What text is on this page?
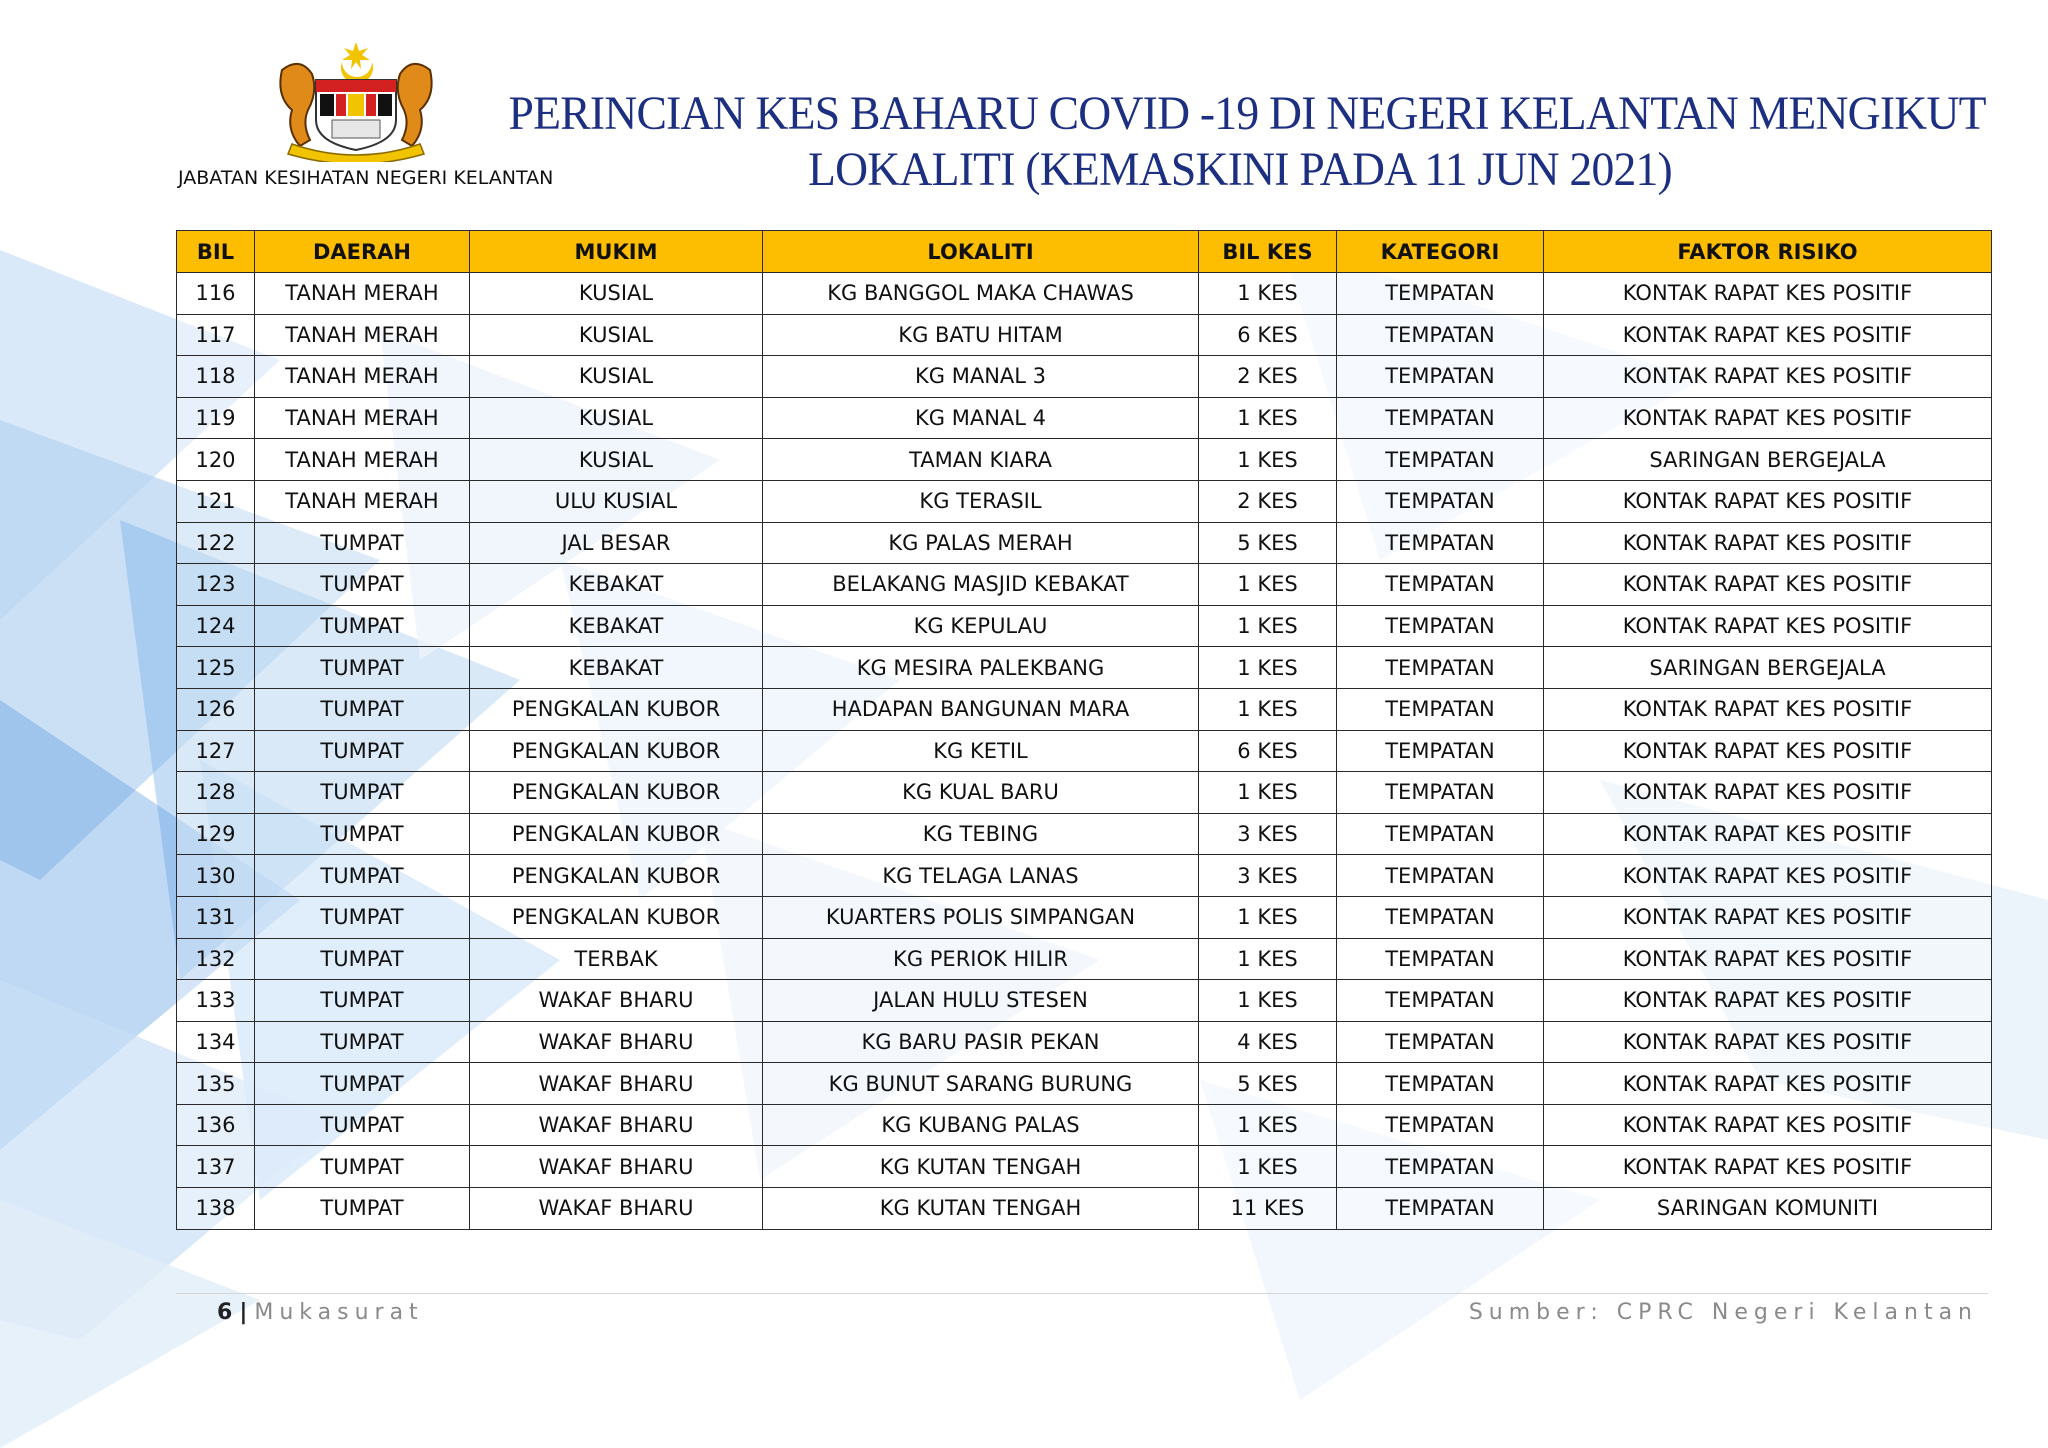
JABATAN KESIHATAN NEGERI KELANTAN
PERINCIAN KES BAHARU COVID -19 DI NEGERI KELANTAN MENGIKUT
LOKALITI (KEMASKINI PADA 11 JUN 2021)
BIL	DAERAH	MUKIM	LOKALITI	BIL KES	KATEGORI	FAKTOR RISIKO
116	TANAH MERAH	KUSIAL	KG BANGGOL MAKA CHAWAS	1 KES	TEMPATAN	KONTAK RAPAT KES POSITIF
117	TANAH MERAH	KUSIAL	KG BATU HITAM	6 KES	TEMPATAN	KONTAK RAPAT KES POSITIF
118	TANAH MERAH	KUSIAL	KG MANAL 3	2 KES	TEMPATAN	KONTAK RAPAT KES POSITIF
119	TANAH MERAH	KUSIAL	KG MANAL 4	1 KES	TEMPATAN	KONTAK RAPAT KES POSITIF
120	TANAH MERAH	KUSIAL	TAMAN KIARA	1 KES	TEMPATAN	SARINGAN BERGEJALA
121	TANAH MERAH	ULU KUSIAL	KG TERASIL	2 KES	TEMPATAN	KONTAK RAPAT KES POSITIF
122	TUMPAT	JAL BESAR	KG PALAS MERAH	5 KES	TEMPATAN	KONTAK RAPAT KES POSITIF
123	TUMPAT	KEBAKAT	BELAKANG MASJID KEBAKAT	1 KES	TEMPATAN	KONTAK RAPAT KES POSITIF
124	TUMPAT	KEBAKAT	KG KEPULAU	1 KES	TEMPATAN	KONTAK RAPAT KES POSITIF
125	TUMPAT	KEBAKAT	KG MESIRA PALEKBANG	1 KES	TEMPATAN	SARINGAN BERGEJALA
126	TUMPAT	PENGKALAN KUBOR	HADAPAN BANGUNAN MARA	1 KES	TEMPATAN	KONTAK RAPAT KES POSITIF
127	TUMPAT	PENGKALAN KUBOR	KG KETIL	6 KES	TEMPATAN	KONTAK RAPAT KES POSITIF
128	TUMPAT	PENGKALAN KUBOR	KG KUAL BARU	1 KES	TEMPATAN	KONTAK RAPAT KES POSITIF
129	TUMPAT	PENGKALAN KUBOR	KG TEBING	3 KES	TEMPATAN	KONTAK RAPAT KES POSITIF
130	TUMPAT	PENGKALAN KUBOR	KG TELAGA LANAS	3 KES	TEMPATAN	KONTAK RAPAT KES POSITIF
131	TUMPAT	PENGKALAN KUBOR	KUARTERS POLIS SIMPANGAN	1 KES	TEMPATAN	KONTAK RAPAT KES POSITIF
132	TUMPAT	TERBAK	KG PERIOK HILIR	1 KES	TEMPATAN	KONTAK RAPAT KES POSITIF
133	TUMPAT	WAKAF BHARU	JALAN HULU STESEN	1 KES	TEMPATAN	KONTAK RAPAT KES POSITIF
134	TUMPAT	WAKAF BHARU	KG BARU PASIR PEKAN	4 KES	TEMPATAN	KONTAK RAPAT KES POSITIF
135	TUMPAT	WAKAF BHARU	KG BUNUT SARANG BURUNG	5 KES	TEMPATAN	KONTAK RAPAT KES POSITIF
136	TUMPAT	WAKAF BHARU	KG KUBANG PALAS	1 KES	TEMPATAN	KONTAK RAPAT KES POSITIF
137	TUMPAT	WAKAF BHARU	KG KUTAN TENGAH	1 KES	TEMPATAN	KONTAK RAPAT KES POSITIF
138	TUMPAT	WAKAF BHARU	KG KUTAN TENGAH	11 KES	TEMPATAN	SARINGAN KOMUNITI
6 | Mukasurat	Sumber: CPRC Negeri Kelantan
